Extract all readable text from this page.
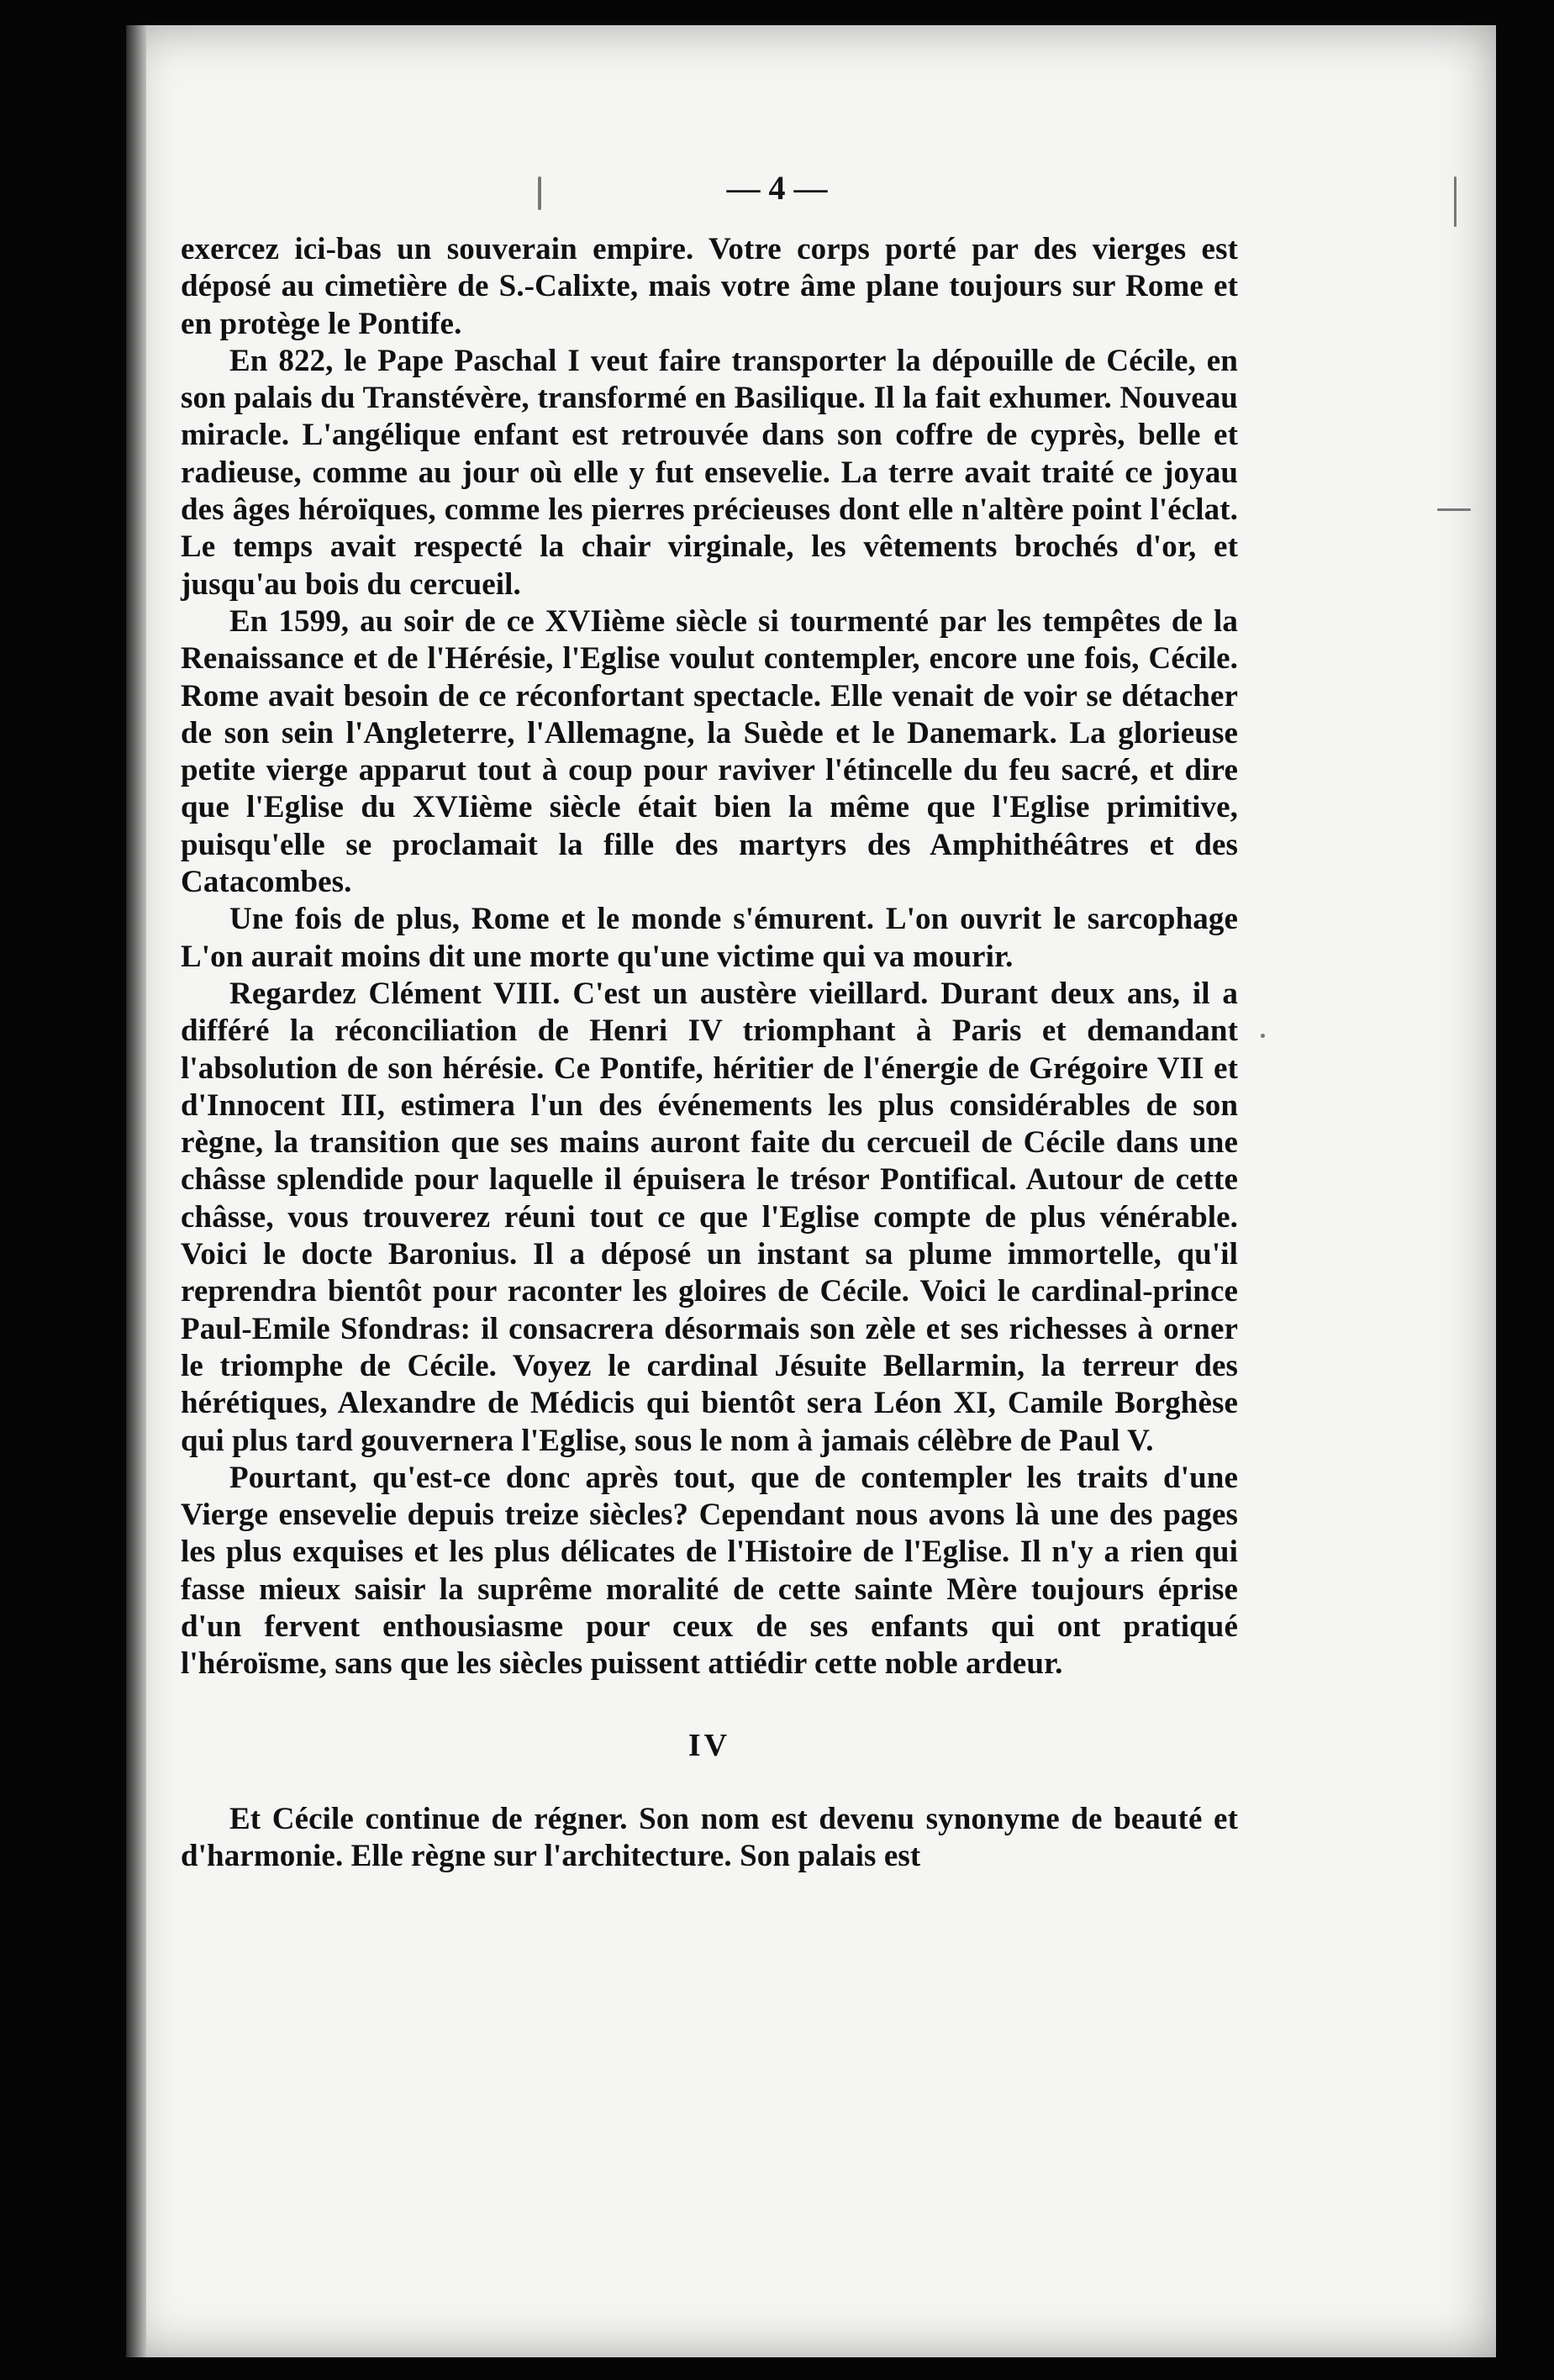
— 4 —

exercez ici-bas un souverain empire. Votre corps porté par des vierges est déposé au cimetière de S.-Calixte, mais votre âme plane toujours sur Rome et en protège le Pontife.

En 822, le Pape Paschal I veut faire transporter la dépouille de Cécile, en son palais du Transtévère, transformé en Basilique. Il la fait exhumer. Nouveau miracle. L'angélique enfant est retrouvée dans son coffre de cyprès, belle et radieuse, comme au jour où elle y fut ensevelie. La terre avait traité ce joyau des âges héroïques, comme les pierres précieuses dont elle n'altère point l'éclat. Le temps avait respecté la chair virginale, les vêtements brochés d'or, et jusqu'au bois du cercueil.

En 1599, au soir de ce XVIième siècle si tourmenté par les tempêtes de la Renaissance et de l'Hérésie, l'Eglise voulut contempler, encore une fois, Cécile. Rome avait besoin de ce réconfortant spectacle. Elle venait de voir se détacher de son sein l'Angleterre, l'Allemagne, la Suède et le Danemark. La glorieuse petite vierge apparut tout à coup pour raviver l'étincelle du feu sacré, et dire que l'Eglise du XVIième siècle était bien la même que l'Eglise primitive, puisqu'elle se proclamait la fille des martyrs des Amphithéâtres et des Catacombes.

Une fois de plus, Rome et le monde s'émurent. L'on ouvrit le sarcophage L'on aurait moins dit une morte qu'une victime qui va mourir.

Regardez Clément VIII. C'est un austère vieillard. Durant deux ans, il a différé la réconciliation de Henri IV triomphant à Paris et demandant l'absolution de son hérésie. Ce Pontife, héritier de l'énergie de Grégoire VII et d'Innocent III, estimera l'un des événements les plus considérables de son règne, la transition que ses mains auront faite du cercueil de Cécile dans une châsse splendide pour laquelle il épuisera le trésor Pontifical. Autour de cette châsse, vous trouverez réuni tout ce que l'Eglise compte de plus vénérable. Voici le docte Baronius. Il a déposé un instant sa plume immortelle, qu'il reprendra bientôt pour raconter les gloires de Cécile. Voici le cardinal-prince Paul-Emile Sfondras: il consacrera désormais son zèle et ses richesses à orner le triomphe de Cécile. Voyez le cardinal Jésuite Bellarmin, la terreur des hérétiques, Alexandre de Médicis qui bientôt sera Léon XI, Camile Borghèse qui plus tard gouvernera l'Eglise, sous le nom à jamais célèbre de Paul V.

Pourtant, qu'est-ce donc après tout, que de contempler les traits d'une Vierge ensevelie depuis treize siècles? Cependant nous avons là une des pages les plus exquises et les plus délicates de l'Histoire de l'Eglise. Il n'y a rien qui fasse mieux saisir la suprême moralité de cette sainte Mère toujours éprise d'un fervent enthousiasme pour ceux de ses enfants qui ont pratiqué l'héroïsme, sans que les siècles puissent attiédir cette noble ardeur.

IV

Et Cécile continue de régner. Son nom est devenu synonyme de beauté et d'harmonie. Elle règne sur l'architecture. Son palais est
